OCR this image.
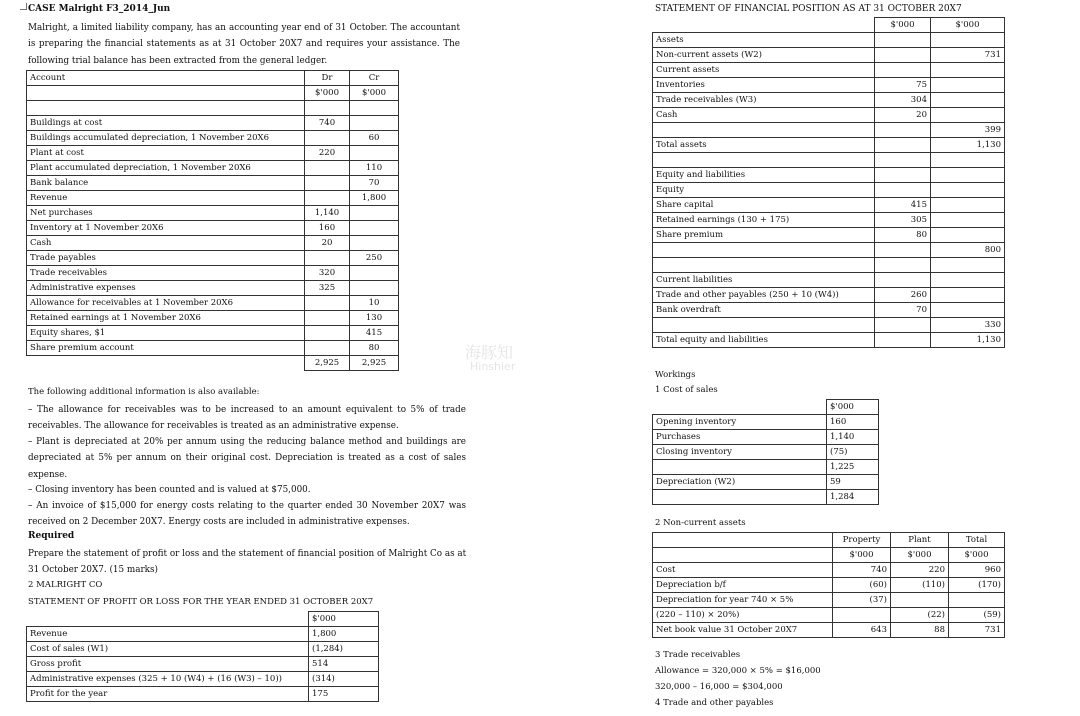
CASE Malright F3_2014_Jun
Malright, a limited liability company, has an accounting year end of 31 October. The accountant is preparing the financial statements as at 31 October 20X7 and requires your assistance. The following trial balance has been extracted from the general ledger.
Account	Dr	Cr
	$'000	$'000

Buildings at cost	740	
Buildings accumulated depreciation, 1 November 20X6		60
Plant at cost	220	
Plant accumulated depreciation, 1 November 20X6		110
Bank balance		70
Revenue		1,800
Net purchases	1,140	
Inventory at 1 November 20X6	160	
Cash	20	
Trade payables		250
Trade receivables	320	
Administrative expenses	325	
Allowance for receivables at 1 November 20X6		10
Retained earnings at 1 November 20X6		130
Equity shares, $1		415
Share premium account		80
	2,925	2,925
The following additional information is also available:
– The allowance for receivables was to be increased to an amount equivalent to 5% of trade receivables. The allowance for receivables is treated as an administrative expense.
– Plant is depreciated at 20% per annum using the reducing balance method and buildings are depreciated at 5% per annum on their original cost. Depreciation is treated as a cost of sales expense.
– Closing inventory has been counted and is valued at $75,000.
– An invoice of $15,000 for energy costs relating to the quarter ended 30 November 20X7 was received on 2 December 20X7. Energy costs are included in administrative expenses.
Required
Prepare the statement of profit or loss and the statement of financial position of Malright Co as at 31 October 20X7. (15 marks)
2 MALRIGHT CO
STATEMENT OF PROFIT OR LOSS FOR THE YEAR ENDED 31 OCTOBER 20X7
	$'000
Revenue	1,800
Cost of sales (W1)	(1,284)
Gross profit	514
Administrative expenses (325 + 10 (W4) + (16 (W3) – 10))	(314)
Profit for the year	175
海豚知
Hinshier
STATEMENT OF FINANCIAL POSITION AS AT 31 OCTOBER 20X7
	$'000	$'000
Assets		
Non-current assets (W2)		731
Current assets		
Inventories	75	
Trade receivables (W3)	304	
Cash	20	
		399
Total assets		1,130

Equity and liabilities		
Equity		
Share capital	415	
Retained earnings (130 + 175)	305	
Share premium	80	
		800

Current liabilities		
Trade and other payables (250 + 10 (W4))	260	
Bank overdraft	70	
		330
Total equity and liabilities		1,130
Workings
1 Cost of sales
	$'000
Opening inventory	160
Purchases	1,140
Closing inventory	(75)
	1,225
Depreciation (W2)	59
	1,284
2 Non-current assets
	Property	Plant	Total
	$'000	$'000	$'000
Cost	740	220	960
Depreciation b/f	(60)	(110)	(170)
Depreciation for year 740 × 5%	(37)		
(220 – 110) × 20%)		(22)	(59)
Net book value 31 October 20X7	643	88	731
3 Trade receivables
Allowance = 320,000 × 5% = $16,000
320,000 – 16,000 = $304,000
4 Trade and other payables
